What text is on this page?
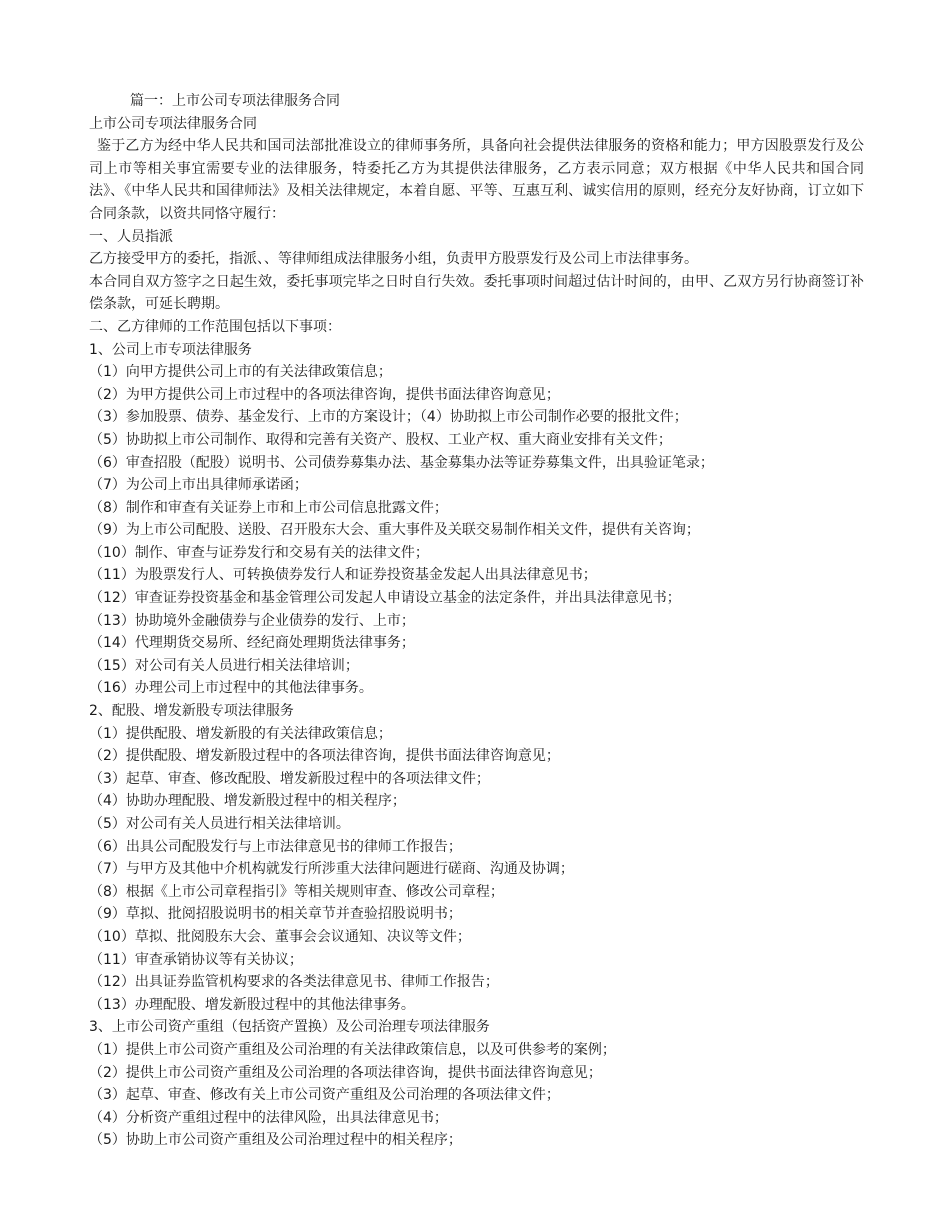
篇一：上市公司专项法律服务合同
上市公司专项法律服务合同
鉴于乙方为经中华人民共和国司法部批准设立的律师事务所，具备向社会提供法律服务的资格和能力；甲方因股票发行及公司上市等相关事宜需要专业的法律服务，特委托乙方为其提供法律服务，乙方表示同意；双方根据《中华人民共和国合同法》、《中华人民共和国律师法》及相关法律规定，本着自愿、平等、互惠互利、诚实信用的原则，经充分友好协商，订立如下合同条款，以资共同恪守履行：
一、人员指派
乙方接受甲方的委托，指派、、等律师组成法律服务小组，负责甲方股票发行及公司上市法律事务。
本合同自双方签字之日起生效，委托事项完毕之日时自行失效。委托事项时间超过估计时间的，由甲、乙双方另行协商签订补偿条款，可延长聘期。
二、乙方律师的工作范围包括以下事项：
1、公司上市专项法律服务
（1）向甲方提供公司上市的有关法律政策信息；
（2）为甲方提供公司上市过程中的各项法律咨询，提供书面法律咨询意见；
（3）参加股票、债券、基金发行、上市的方案设计；（4）协助拟上市公司制作必要的报批文件；
（5）协助拟上市公司制作、取得和完善有关资产、股权、工业产权、重大商业安排有关文件；
（6）审查招股（配股）说明书、公司债券募集办法、基金募集办法等证券募集文件，出具验证笔录；
（7）为公司上市出具律师承诺函；
（8）制作和审查有关证券上市和上市公司信息批露文件；
（9）为上市公司配股、送股、召开股东大会、重大事件及关联交易制作相关文件，提供有关咨询；
（10）制作、审查与证券发行和交易有关的法律文件；
（11）为股票发行人、可转换债券发行人和证券投资基金发起人出具法律意见书；
（12）审查证券投资基金和基金管理公司发起人申请设立基金的法定条件，并出具法律意见书；
（13）协助境外金融债券与企业债券的发行、上市；
（14）代理期货交易所、经纪商处理期货法律事务；
（15）对公司有关人员进行相关法律培训；
（16）办理公司上市过程中的其他法律事务。
2、配股、增发新股专项法律服务
（1）提供配股、增发新股的有关法律政策信息；
（2）提供配股、增发新股过程中的各项法律咨询，提供书面法律咨询意见；
（3）起草、审查、修改配股、增发新股过程中的各项法律文件；
（4）协助办理配股、增发新股过程中的相关程序；
（5）对公司有关人员进行相关法律培训。
（6）出具公司配股发行与上市法律意见书的律师工作报告；
（7）与甲方及其他中介机构就发行所涉重大法律问题进行磋商、沟通及协调；
（8）根据《上市公司章程指引》等相关规则审查、修改公司章程；
（9）草拟、批阅招股说明书的相关章节并查验招股说明书；
（10）草拟、批阅股东大会、董事会会议通知、决议等文件；
（11）审查承销协议等有关协议；
（12）出具证券监管机构要求的各类法律意见书、律师工作报告；
（13）办理配股、增发新股过程中的其他法律事务。
3、上市公司资产重组（包括资产置换）及公司治理专项法律服务
（1）提供上市公司资产重组及公司治理的有关法律政策信息，以及可供参考的案例；
（2）提供上市公司资产重组及公司治理的各项法律咨询，提供书面法律咨询意见；
（3）起草、审查、修改有关上市公司资产重组及公司治理的各项法律文件；
（4）分析资产重组过程中的法律风险，出具法律意见书；
（5）协助上市公司资产重组及公司治理过程中的相关程序；
